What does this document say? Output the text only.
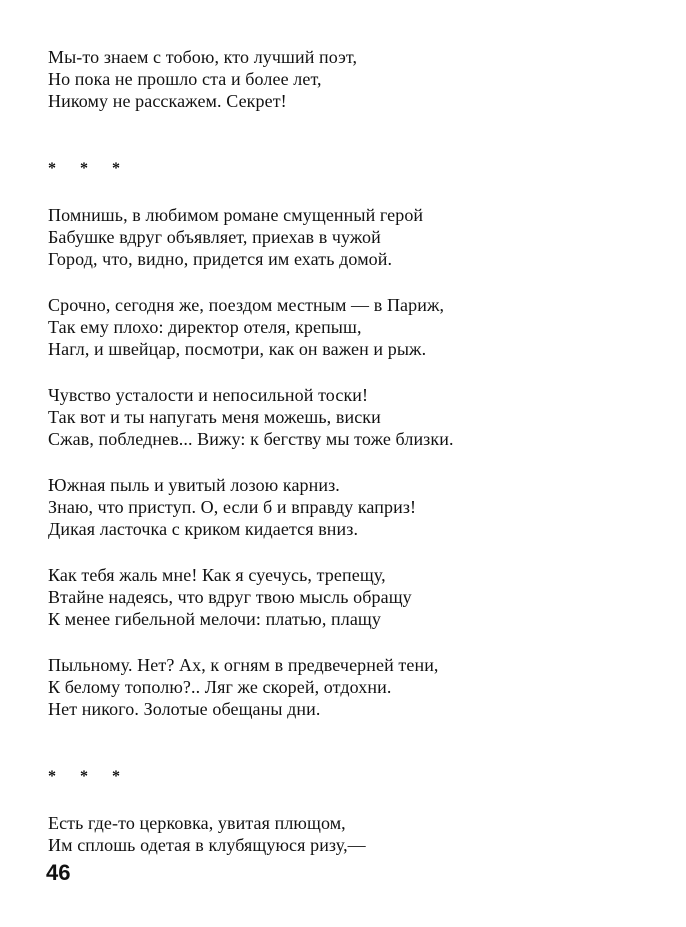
Мы-то знаем с тобою, кто лучший поэт,
Но пока не прошло ста и более лет,
Никому не расскажем. Секрет!
* * *
Помнишь, в любимом романе смущенный герой
Бабушке вдруг объявляет, приехав в чужой
Город, что, видно, придется им ехать домой.
Срочно, сегодня же, поездом местным — в Париж,
Так ему плохо: директор отеля, крепыш,
Нагл, и швейцар, посмотри, как он важен и рыж.
Чувство усталости и непосильной тоски!
Так вот и ты напугать меня можешь, виски
Сжав, побледнев... Вижу: к бегству мы тоже близки.
Южная пыль и увитый лозою карниз.
Знаю, что приступ. О, если б и вправду каприз!
Дикая ласточка с криком кидается вниз.
Как тебя жаль мне! Как я суечусь, трепещу,
Втайне надеясь, что вдруг твою мысль обращу
К менее гибельной мелочи: платью, плащу
Пыльному. Нет? Ах, к огням в предвечерней тени,
К белому тополю?.. Ляг же скорей, отдохни.
Нет никого. Золотые обещаны дни.
* * *
Есть где-то церковка, увитая плющом,
Им сплошь одетая в клубящуюся ризу,—
46
